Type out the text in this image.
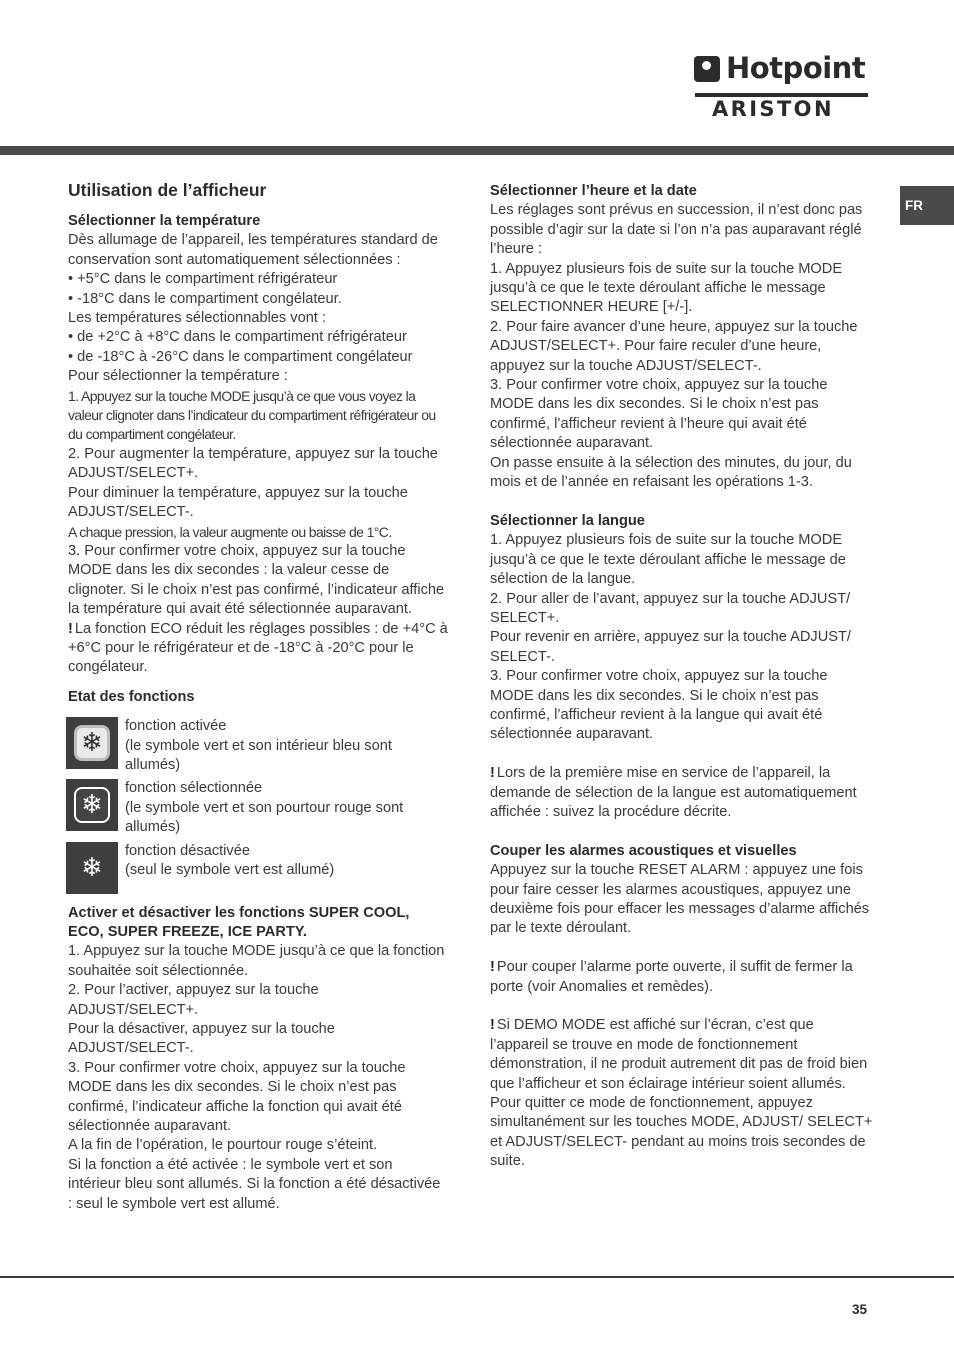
Hotpoint
ARISTON
FR
Utilisation de l’afficheur
Sélectionner la température

Dès allumage de l’appareil, les températures standard de conservation sont automatiquement sélectionnées :

• +5°C dans le compartiment réfrigérateur

• -18°C dans le compartiment congélateur.

Les températures sélectionnables vont :

• de +2°C à +8°C dans le compartiment réfrigérateur

• de -18°C à -26°C dans le compartiment congélateur

Pour sélectionner la température :

1. Appuyez sur la touche MODE jusqu’à ce que vous voyez la valeur clignoter dans l’indicateur du compartiment réfrigérateur ou du compartiment congélateur.

2. Pour augmenter la température, appuyez sur la touche ADJUST/SELECT+.

Pour diminuer la température, appuyez sur la touche ADJUST/SELECT-.

A chaque pression, la valeur augmente ou baisse de 1°C.

3. Pour confirmer votre choix, appuyez sur la touche MODE dans les dix secondes : la valeur cesse de clignoter. Si le choix n’est pas confirmé, l’indicateur affiche la température qui avait été sélectionnée auparavant.

! La fonction ECO réduit les réglages possibles : de +4°C à +6°C pour le réfrigérateur et de -18°C à -20°C pour le congélateur.

Etat des fonctions
❄

fonction activée

(le symbole vert et son intérieur bleu sont allumés)

❄

fonction sélectionnée

(le symbole vert et son pourtour rouge sont allumés)

❄

fonction désactivée

(seul le symbole vert est allumé)

Activer et désactiver les fonctions SUPER COOL, ECO, SUPER FREEZE, ICE PARTY.

1. Appuyez sur la touche MODE jusqu’à ce que la fonction souhaitée soit sélectionnée.

2. Pour l’activer, appuyez sur la touche ADJUST/SELECT+.

Pour la désactiver, appuyez sur la touche ADJUST/SELECT-.

3. Pour confirmer votre choix, appuyez sur la touche MODE dans les dix secondes. Si le choix n’est pas confirmé, l’indicateur affiche la fonction qui avait été sélectionnée auparavant.

A la fin de l’opération, le pourtour rouge s’éteint.

Si la fonction a été activée : le symbole vert et son intérieur bleu sont allumés. Si la fonction a été désactivée : seul le symbole vert est allumé.

Sélectionner l’heure et la date

Les réglages sont prévus en succession, il n’est donc pas possible d’agir sur la date si l’on n’a pas auparavant réglé l’heure :

1. Appuyez plusieurs fois de suite sur la touche MODE jusqu’à ce que le texte déroulant affiche le message SELECTIONNER HEURE [+/-].

2. Pour faire avancer d’une heure, appuyez sur la touche ADJUST/SELECT+. Pour faire reculer d’une heure, appuyez sur la touche ADJUST/SELECT-.

3. Pour confirmer votre choix, appuyez sur la touche MODE dans les dix secondes. Si le choix n’est pas confirmé, l’afficheur revient à l’heure qui avait été sélectionnée auparavant.

On passe ensuite à la sélection des minutes, du jour, du mois et de l’année en refaisant les opérations 1-3.

Sélectionner la langue

1. Appuyez plusieurs fois de suite sur la touche MODE jusqu’à ce que le texte déroulant affiche le message de sélection de la langue.

2. Pour aller de l’avant, appuyez sur la touche ADJUST/ SELECT+.

Pour revenir en arrière, appuyez sur la touche ADJUST/ SELECT-.

3. Pour confirmer votre choix, appuyez sur la touche MODE dans les dix secondes. Si le choix n’est pas confirmé, l’afficheur revient à la langue qui avait été sélectionnée auparavant.

! Lors de la première mise en service de l’appareil, la demande de sélection de la langue est automatiquement affichée : suivez la procédure décrite.

Couper les alarmes acoustiques et visuelles

Appuyez sur la touche RESET ALARM : appuyez une fois pour faire cesser les alarmes acoustiques, appuyez une deuxième fois pour effacer les messages d’alarme affichés par le texte déroulant.

! Pour couper l’alarme porte ouverte, il suffit de fermer la porte (voir Anomalies et remèdes).

! Si DEMO MODE est affiché sur l’écran, c’est que l’appareil se trouve en mode de fonctionnement démonstration, il ne produit autrement dit pas de froid bien que l’afficheur et son éclairage intérieur soient allumés. Pour quitter ce mode de fonctionnement, appuyez simultanément sur les touches MODE, ADJUST/ SELECT+ et ADJUST/SELECT- pendant au moins trois secondes de suite.

35
